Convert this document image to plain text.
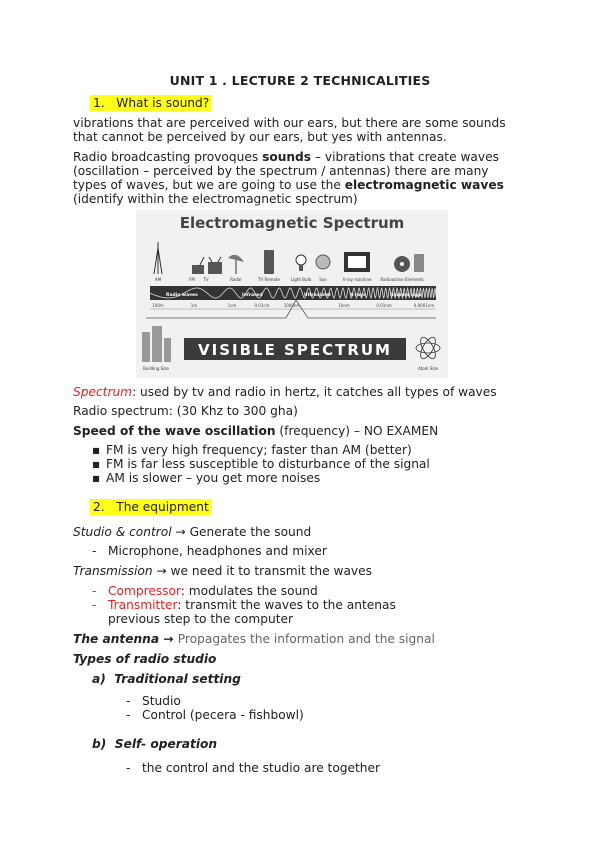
UNIT 1 . LECTURE 2 TECHNICALITIES
1. What is sound?
vibrations that are perceived with our ears, but there are some sounds
that cannot be perceived by our ears, but yes with antennas.
Radio broadcasting provoques sounds – vibrations that create waves
(oscillation – perceived by the spectrum / antennas) there are many
types of waves, but we are going to use the electromagnetic waves
(identify within the electromagnetic spectrum)
Electromagnetic Spectrum
AM	FM TV	Radar	TV Remote	Light Bulb Sun	X-ray machine Radioactive Elements
Radio waves	Infrared	Ultraviolet	X-rays	Gamma rays
100m	1m	1cm	0.01cm	1000nm	10nm	0.01nm	0.0001nm
Building Size
VISIBLE SPECTRUM
Atom Size
Spectrum: used by tv and radio in hertz, it catches all types of waves
Radio spectrum: (30 Khz to 300 gha)
Speed of the wave oscillation (frequency) – NO EXAMEN
▪ FM is very high frequency; faster than AM (better)
▪ FM is far less susceptible to disturbance of the signal
▪ AM is slower – you get more noises
2. The equipment
Studio & control → Generate the sound
- Microphone, headphones and mixer
Transmission → we need it to transmit the waves
- Compressor: modulates the sound
- Transmitter: transmit the waves to the antenas
previous step to the computer
The antenna → Propagates the information and the signal
Types of radio studio
a) Traditional setting
- Studio
- Control (pecera - fishbowl)
b) Self- operation
- the control and the studio are together
